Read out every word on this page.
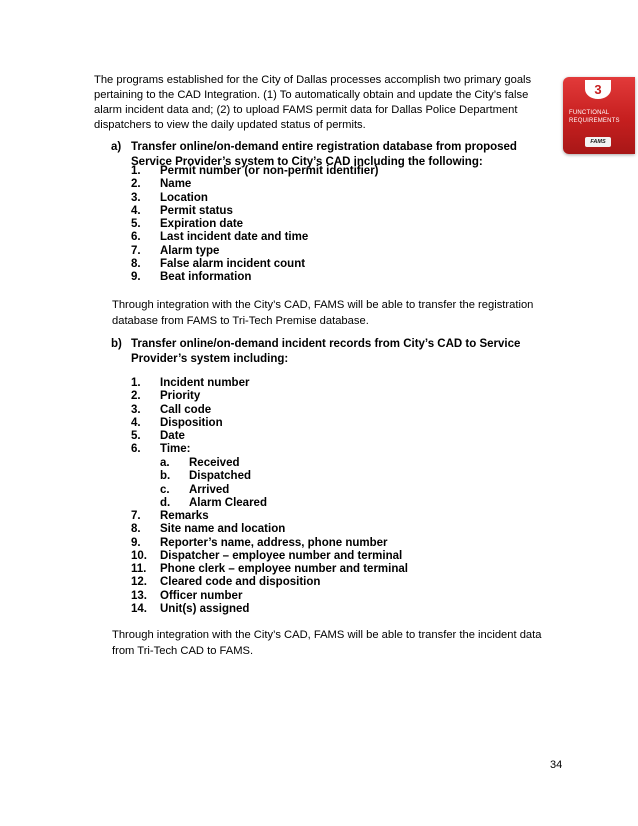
The programs established for the City of Dallas processes accomplish two primary goals
pertaining to the CAD Integration. (1) To automatically obtain and update the City’s false
alarm incident data and; (2) to upload FAMS permit data for Dallas Police Department
dispatchers to view the daily updated status of permits.

3
FUNCTIONAL
REQUIREMENTS
FAMS
a) Transfer online/on-demand entire registration database from proposed
Service Provider’s system to City’s CAD including the following:
1. Permit number (or non-permit identifier)
2. Name
3. Location
4. Permit status
5. Expiration date
6. Last incident date and time
7. Alarm type
8. False alarm incident count
9. Beat information

Through integration with the City’s CAD, FAMS will be able to transfer the registration
database from FAMS to Tri-Tech Premise database.

b) Transfer online/on-demand incident records from City’s CAD to Service
Provider’s system including:
1. Incident number
2. Priority
3. Call code
4. Disposition
5. Date
6. Time:
a. Received
b. Dispatched
c. Arrived
d. Alarm Cleared
7. Remarks
8. Site name and location
9. Reporter’s name, address, phone number
10. Dispatcher – employee number and terminal
11. Phone clerk – employee number and terminal
12. Cleared code and disposition
13. Officer number
14. Unit(s) assigned

Through integration with the City’s CAD, FAMS will be able to transfer the incident data
from Tri-Tech CAD to FAMS.

34
